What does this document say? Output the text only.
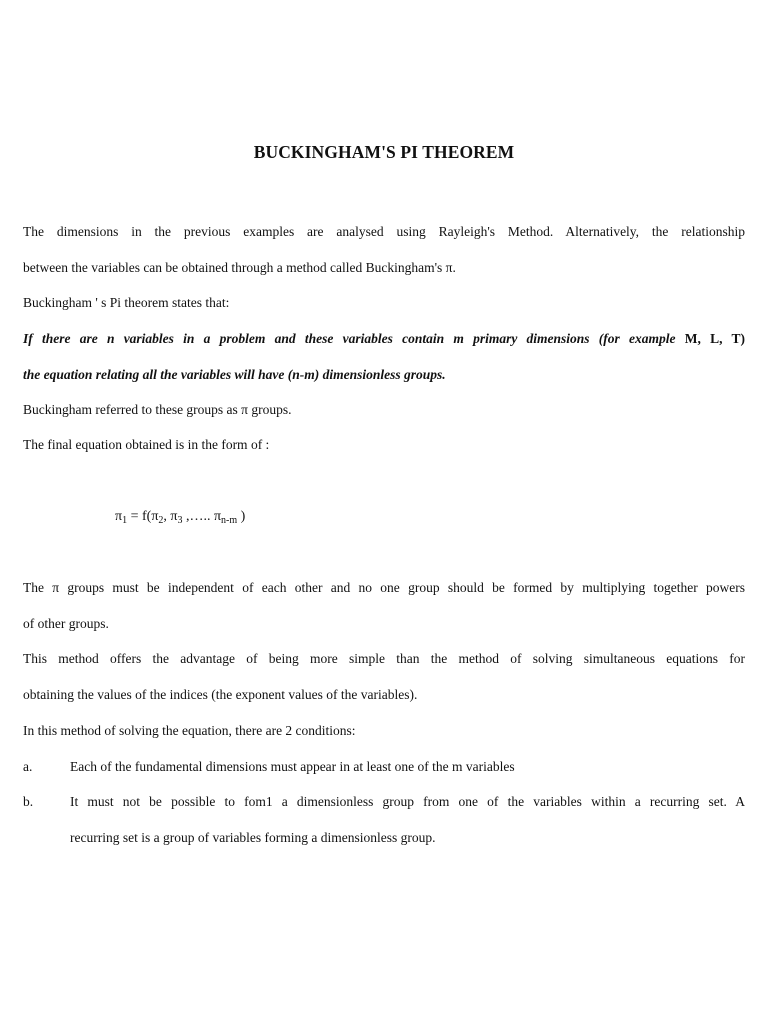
BUCKINGHAM'S PI THEOREM
The dimensions in the previous examples are analysed using Rayleigh's Method. Alternatively, the relationship
between the variables can be obtained through a method called Buckingham's π.
Buckingham ' s Pi theorem states that:
If there are n variables in a problem and these variables contain m primary dimensions (for example M, L, T)
the equation relating all the variables will have (n-m) dimensionless groups.
Buckingham referred to these groups as π groups.
The final equation obtained is in the form of :
$\pi_1 = f(\pi_2$, $\pi_3$ ,….. $\pi_{n-m}$ )
The π groups must be independent of each other and no one group should be formed by multiplying together powers
of other groups.
This method offers the advantage of being more simple than the method of solving simultaneous equations for
obtaining the values of the indices (the exponent values of the variables).
In this method of solving the equation, there are 2 conditions:
a.	Each of the fundamental dimensions must appear in at least one of the m variables
b.	It must not be possible to fom1 a dimensionless group from one of the variables within a recurring set. A
recurring set is a group of variables forming a dimensionless group.
